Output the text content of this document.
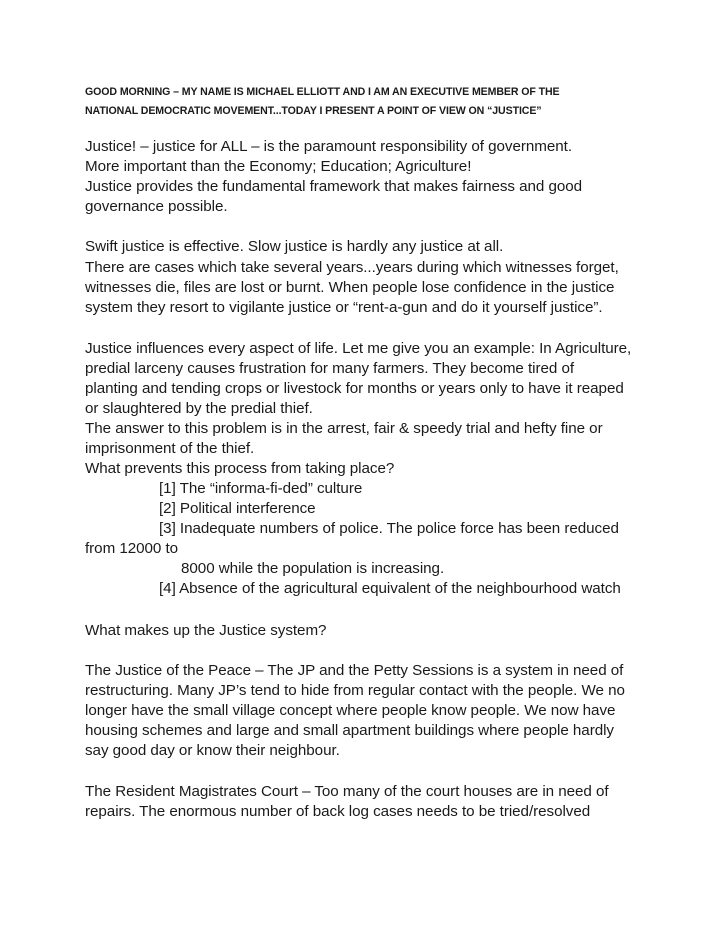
GOOD MORNING – MY NAME IS MICHAEL ELLIOTT AND I AM AN EXECUTIVE MEMBER OF THE
NATIONAL DEMOCRATIC MOVEMENT...TODAY I PRESENT A POINT OF VIEW ON “JUSTICE”
Justice! – justice for ALL – is the paramount responsibility of government.
More important than the Economy; Education; Agriculture!
Justice provides the fundamental framework that makes fairness and good
governance possible.
Swift justice is effective. Slow justice is hardly any justice at all.
There are cases which take several years...years during which witnesses forget,
witnesses die, files are lost or burnt. When people lose confidence in the justice
system they resort to vigilante justice or “rent-a-gun and do it yourself justice”.
Justice influences every aspect of life. Let me give you an example: In Agriculture,
predial larceny causes frustration for many farmers. They become tired of
planting and tending crops or livestock for months or years only to have it reaped
or slaughtered by the predial thief.
The answer to this problem is in the arrest, fair & speedy trial and hefty fine or
imprisonment of the thief.
What prevents this process from taking place?
[1] The “informa-fi-ded” culture
[2] Political interference
[3] Inadequate numbers of police. The police force has been reduced
from 12000 to
8000 while the population is increasing.
[4] Absence of the agricultural equivalent of the neighbourhood watch
What makes up the Justice system?
The Justice of the Peace – The JP and the Petty Sessions is a system in need of
restructuring. Many JP’s tend to hide from regular contact with the people. We no
longer have the small village concept where people know people. We now have
housing schemes and large and small apartment buildings where people hardly
say good day or know their neighbour.
The Resident Magistrates Court – Too many of the court houses are in need of
repairs. The enormous number of back log cases needs to be tried/resolved
